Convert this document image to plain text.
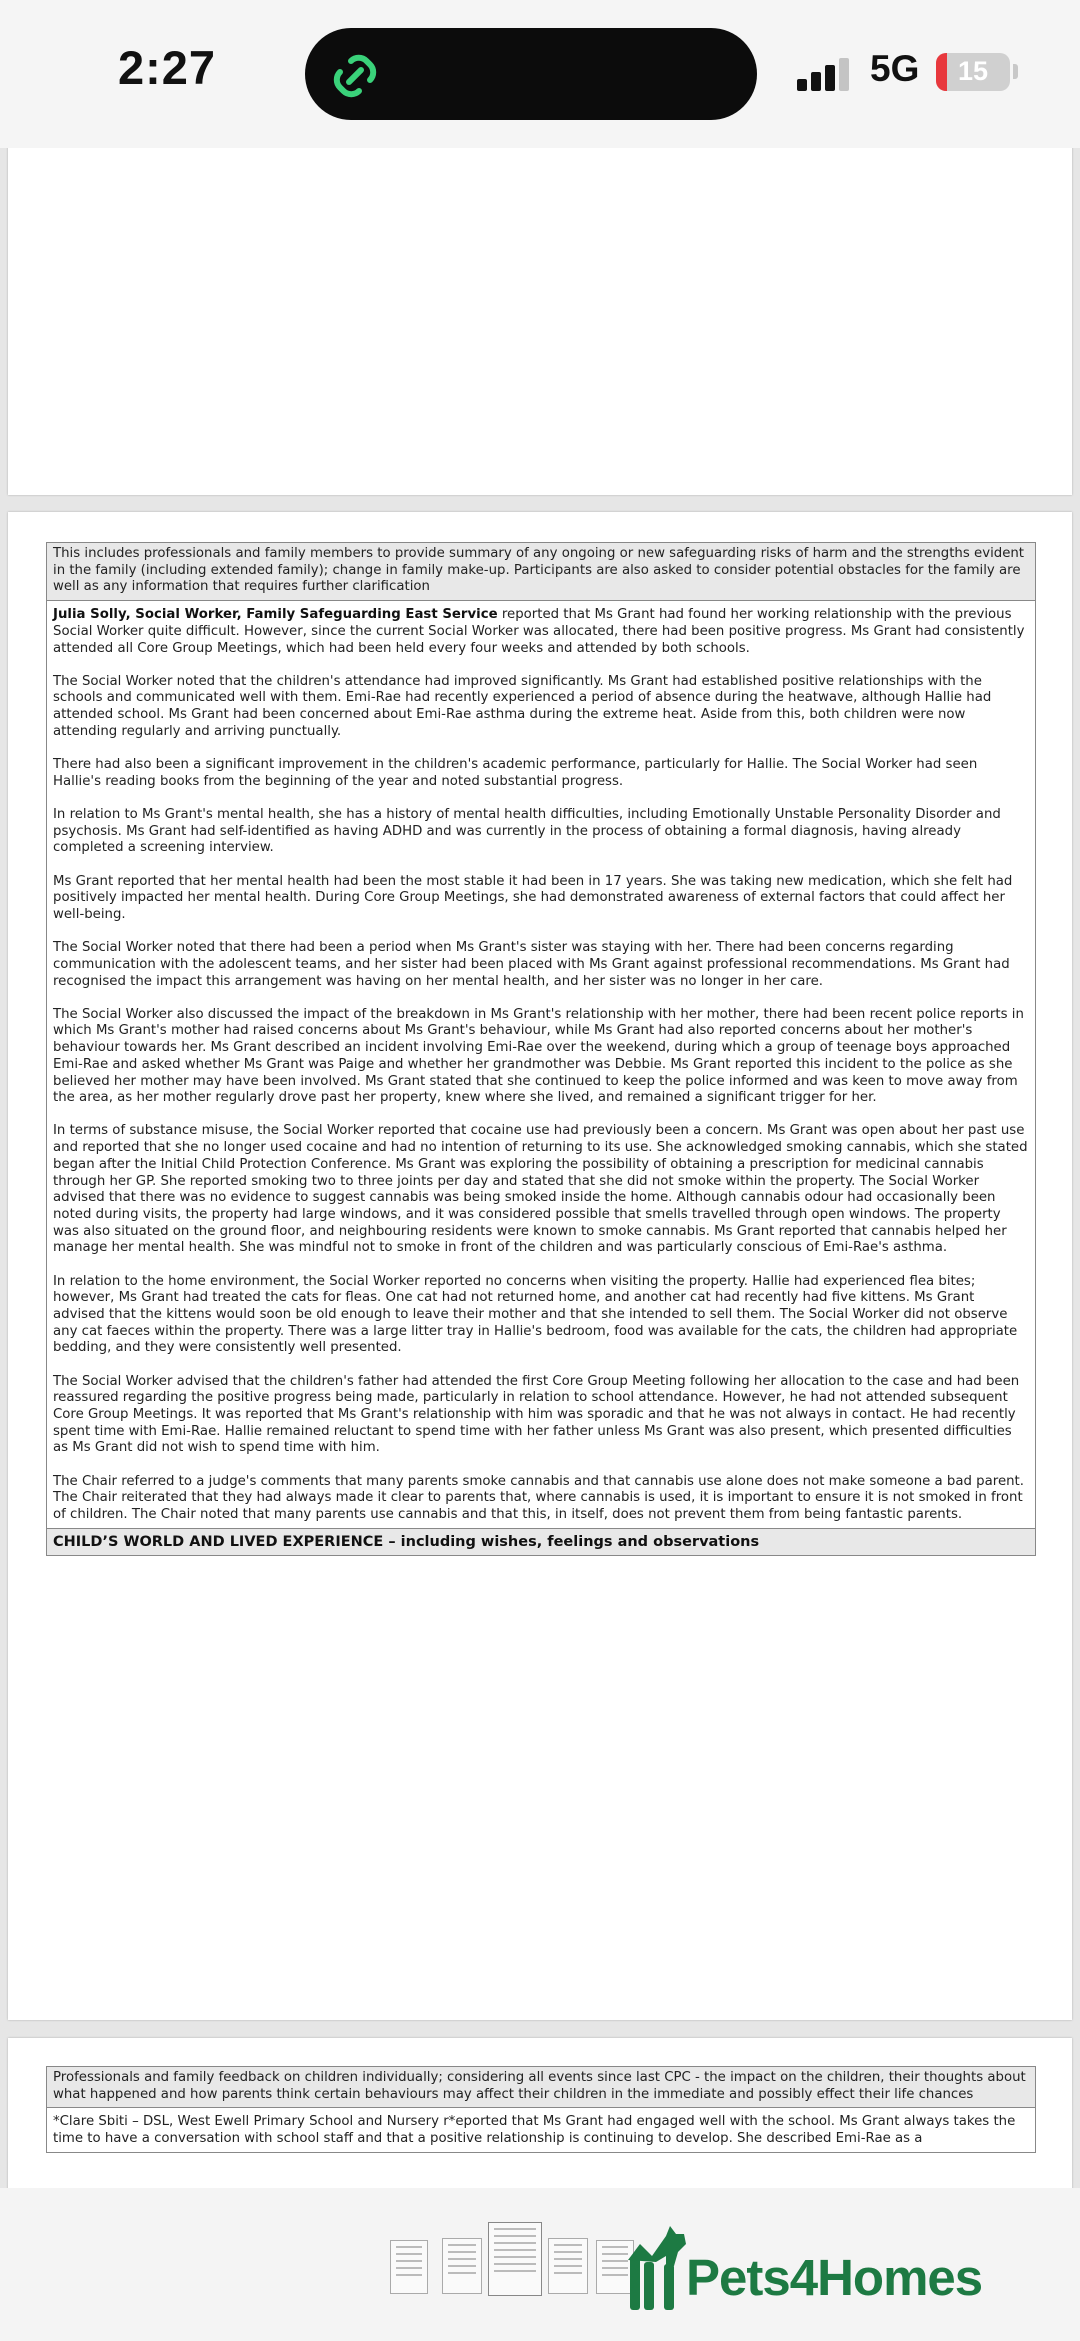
2:27	5G	15
This includes professionals and family members to provide summary of any ongoing or new safeguarding risks of harm and the strengths evident in the family (including extended family); change in family make-up. Participants are also asked to consider potential obstacles for the family are well as any information that requires further clarification

Julia Solly, Social Worker, Family Safeguarding East Service reported that Ms Grant had found her working relationship with the previous Social Worker quite difficult. However, since the current Social Worker was allocated, there had been positive progress. Ms Grant had consistently attended all Core Group Meetings, which had been held every four weeks and attended by both schools.

The Social Worker noted that the children's attendance had improved significantly. Ms Grant had established positive relationships with the schools and communicated well with them. Emi-Rae had recently experienced a period of absence during the heatwave, although Hallie had attended school. Ms Grant had been concerned about Emi-Rae asthma during the extreme heat. Aside from this, both children were now attending regularly and arriving punctually.

There had also been a significant improvement in the children's academic performance, particularly for Hallie. The Social Worker had seen Hallie's reading books from the beginning of the year and noted substantial progress.

In relation to Ms Grant's mental health, she has a history of mental health difficulties, including Emotionally Unstable Personality Disorder and psychosis. Ms Grant had self-identified as having ADHD and was currently in the process of obtaining a formal diagnosis, having already completed a screening interview.

Ms Grant reported that her mental health had been the most stable it had been in 17 years. She was taking new medication, which she felt had positively impacted her mental health. During Core Group Meetings, she had demonstrated awareness of external factors that could affect her well-being.

The Social Worker noted that there had been a period when Ms Grant's sister was staying with her. There had been concerns regarding communication with the adolescent teams, and her sister had been placed with Ms Grant against professional recommendations. Ms Grant had recognised the impact this arrangement was having on her mental health, and her sister was no longer in her care.

The Social Worker also discussed the impact of the breakdown in Ms Grant's relationship with her mother, there had been recent police reports in which Ms Grant's mother had raised concerns about Ms Grant's behaviour, while Ms Grant had also reported concerns about her mother's behaviour towards her. Ms Grant described an incident involving Emi-Rae over the weekend, during which a group of teenage boys approached Emi-Rae and asked whether Ms Grant was Paige and whether her grandmother was Debbie. Ms Grant reported this incident to the police as she believed her mother may have been involved. Ms Grant stated that she continued to keep the police informed and was keen to move away from the area, as her mother regularly drove past her property, knew where she lived, and remained a significant trigger for her.

In terms of substance misuse, the Social Worker reported that cocaine use had previously been a concern. Ms Grant was open about her past use and reported that she no longer used cocaine and had no intention of returning to its use. She acknowledged smoking cannabis, which she stated began after the Initial Child Protection Conference. Ms Grant was exploring the possibility of obtaining a prescription for medicinal cannabis through her GP. She reported smoking two to three joints per day and stated that she did not smoke within the property. The Social Worker advised that there was no evidence to suggest cannabis was being smoked inside the home. Although cannabis odour had occasionally been noted during visits, the property had large windows, and it was considered possible that smells travelled through open windows. The property was also situated on the ground floor, and neighbouring residents were known to smoke cannabis. Ms Grant reported that cannabis helped her manage her mental health. She was mindful not to smoke in front of the children and was particularly conscious of Emi-Rae's asthma.

In relation to the home environment, the Social Worker reported no concerns when visiting the property. Hallie had experienced flea bites; however, Ms Grant had treated the cats for fleas. One cat had not returned home, and another cat had recently had five kittens. Ms Grant advised that the kittens would soon be old enough to leave their mother and that she intended to sell them. The Social Worker did not observe any cat faeces within the property. There was a large litter tray in Hallie's bedroom, food was available for the cats, the children had appropriate bedding, and they were consistently well presented.

The Social Worker advised that the children's father had attended the first Core Group Meeting following her allocation to the case and had been reassured regarding the positive progress being made, particularly in relation to school attendance. However, he had not attended subsequent Core Group Meetings. It was reported that Ms Grant's relationship with him was sporadic and that he was not always in contact. He had recently spent time with Emi-Rae. Hallie remained reluctant to spend time with her father unless Ms Grant was also present, which presented difficulties as Ms Grant did not wish to spend time with him.

The Chair referred to a judge's comments that many parents smoke cannabis and that cannabis use alone does not make someone a bad parent. The Chair reiterated that they had always made it clear to parents that, where cannabis is used, it is important to ensure it is not smoked in front of children. The Chair noted that many parents use cannabis and that this, in itself, does not prevent them from being fantastic parents.

CHILD’S WORLD AND LIVED EXPERIENCE – including wishes, feelings and observations
Professionals and family feedback on children individually; considering all events since last CPC - the impact on the children, their thoughts about what happened and how parents think certain behaviours may affect their children in the immediate and possibly effect their life chances

*Clare Sbiti – DSL, West Ewell Primary School and Nursery r*eported that Ms Grant had engaged well with the school. Ms Grant always takes the time to have a conversation with school staff and that a positive relationship is continuing to develop. She described Emi-Rae as a

Pets4Homes
